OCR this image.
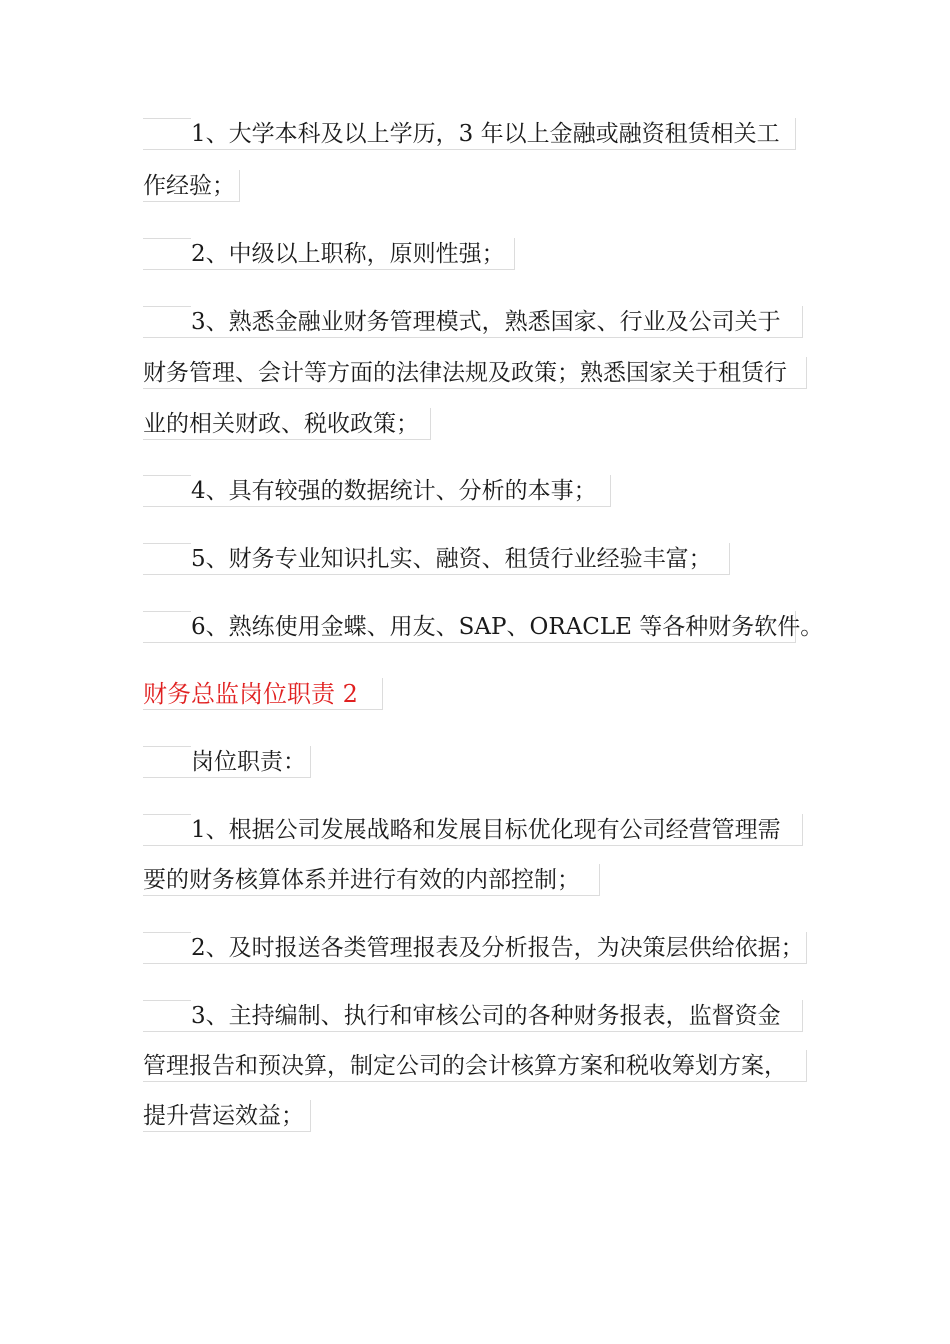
1、大学本科及以上学历，3 年以上金融或融资租赁相关工
作经验；
2、中级以上职称，原则性强；
3、熟悉金融业财务管理模式，熟悉国家、行业及公司关于
财务管理、会计等方面的法律法规及政策；熟悉国家关于租赁行
业的相关财政、税收政策；
4、具有较强的数据统计、分析的本事；
5、财务专业知识扎实、融资、租赁行业经验丰富；
6、熟练使用金蝶、用友、SAP、ORACLE 等各种财务软件。
财务总监岗位职责 2
岗位职责：
1、根据公司发展战略和发展目标优化现有公司经营管理需
要的财务核算体系并进行有效的内部控制；
2、及时报送各类管理报表及分析报告，为决策层供给依据；
3、主持编制、执行和审核公司的各种财务报表，监督资金
管理报告和预决算，制定公司的会计核算方案和税收筹划方案，
提升营运效益；
